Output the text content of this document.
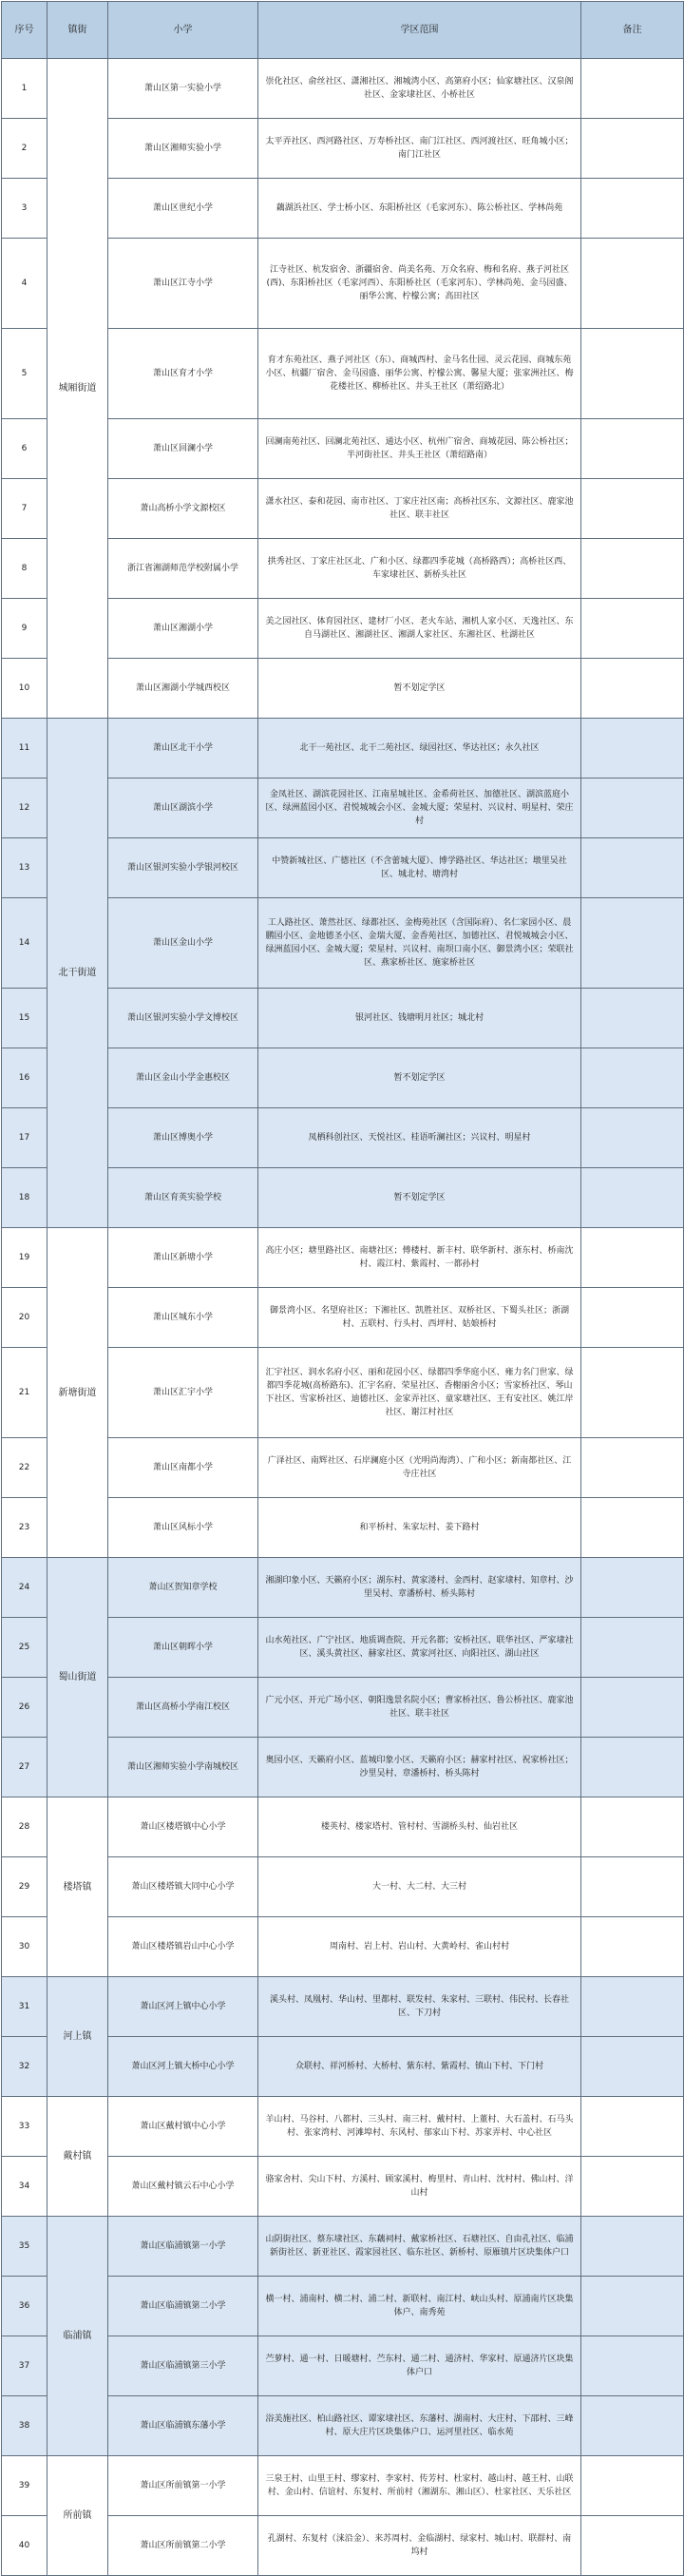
序号	镇街	小学	学区范围	备注
1	城厢街道	萧山区第一实验小学	崇化社区、俞丝社区、潇湘社区、湘城湾小区、高第府小区；仙家塘社区、汉泉阁社区、金家埭社区、小桥社区	
2		萧山区湘师实验小学	太平弄社区、西河路社区、万寿桥社区、南门江社区、西河渡社区、旺角城小区；南门江社区	
3		萧山区世纪小学	藕湖浜社区、学士桥小区、东阳桥社区（毛家河东）、陈公桥社区、学林尚苑	
4		萧山区江寺小学	江寺社区、杭发宿舍、浙疆宿舍、尚美名苑、万众名府、梅和名府、燕子河社区(西)、东阳桥社区（毛家河西）、东阳桥社区（毛家河东）、学林尚苑、金马园盛、丽华公寓、柠檬公寓；高田社区	
5		萧山区育才小学	育才东苑社区、燕子河社区（东）、商城西村、金马名仕园、灵云花园、商城东苑小区、杭疆厂宿舍、金马园盛、丽华公寓、柠檬公寓、馨星大厦；张家洲社区、梅花楼社区、柳桥社区、井头王社区（萧绍路北）	
6		萧山区回澜小学	回澜南苑社区、回澜北苑社区、通达小区、杭州广宿舍、商城花园、陈公桥社区；半河街社区、井头王社区（萧绍路南）	
7		萧山高桥小学文源校区	潇水社区、泰和花园、南市社区、丁家庄社区南；高桥社区东、文源社区、鹿家池社区、联丰社区	
8		浙江省湘湖师范学校附属小学	拱秀社区、丁家庄社区北、广和小区、绿都四季花城（高桥路西）；高桥社区西、车家埭社区、新桥头社区	
9		萧山区湘湖小学	美之园社区、体育园社区、建材厂小区、老火车站、湘机人家小区、天逸社区、东自马湖社区、湘湖社区、湘湖人家社区、东湘社区、杜湖社区	
10		萧山区湘湖小学城西校区	暂不划定学区	
11	北干街道	萧山区北干小学	北干一苑社区、北干二苑社区、绿园社区、华达社区；永久社区	
12		萧山区湖滨小学	金凤社区、湖滨花园社区、江南星城社区、金希荷社区、加德社区、湖滨蓝庭小区、绿洲蓝园小区、君悦城城会小区、金城大厦；荣星村、兴议村、明星村、荣庄村	
13		萧山区银河实验小学银河校区	中赞新城社区、广德社区（不含蕾城大厦）、博学路社区、华达社区；墩里吴社区、城北村、塘湾村	
14		萧山区金山小学	工人路社区、萧然社区、绿都社区、金梅苑社区（含国际府）、名仁家园小区、晨鹏园小区、金地德圣小区、金瑞大厦、金香苑社区、加德社区、君悦城城会小区、绿洲蓝园小区、金城大厦；荣星村、兴议村、南坝口南小区、御景湾小区；荣联社区、燕家桥社区、施家桥社区	
15		萧山区银河实验小学文博校区	银河社区、钱塘明月社区；城北村	
16		萧山区金山小学金惠校区	暂不划定学区	
17		萧山区博奥小学	凤栖科创社区、天悦社区、桂语听澜社区；兴议村、明星村	
18		萧山区育英实验学校	暂不划定学区	
19	新塘街道	萧山区新塘小学	高庄小区；塘里路社区、南塘社区；傅楼村、新丰村、联华新村、浙东村、桥南沈村、霞江村、紫霞村、一都孙村	
20		萧山区城东小学	御景湾小区、名望府社区；下湘社区、凯胜社区、双桥社区、下蜀头社区；浙湖村、五联村、行头村、西坪村、姑娘桥村	
21		萧山区汇宇小学	汇宇社区、润水名府小区、丽和花园小区、绿都四季华庭小区、雍力名门世家、绿都四季花城(高桥路东)、汇宇名府、荣星社区、香榭丽舍小区；雪家桥社区、琴山下社区、雪家桥社区、迪德社区、金家弄社区、童家塘社区、王有安社区、姚江岸社区、谢江村社区	
22		萧山区南都小学	广泽社区、南辉社区、石岸澜庭小区（光明尚海湾）、广和小区；新南都社区、江寺庄社区	
23		萧山区风标小学	和平桥村、朱家坛村、姜下路村	
24	蜀山街道	萧山区贺知章学校	湘湖印象小区、天籁府小区；湖东村、黄家溇村、金西村、赵家埭村、知章村、沙里吴村、章潘桥村、桥头陈村	
25		萧山区朝晖小学	山水苑社区、广宁社区、地质调查院、开元名都；安桥社区、联华社区、严家埭社区、溪头黄社区、赫家社区、黄家河社区、向阳社区、湖山社区	
26		萧山区高桥小学南江校区	广元小区、开元广场小区、朝阳逸景名院小区；曹家桥社区、鲁公桥社区、鹿家池社区、联丰社区	
27		萧山区湘师实验小学南城校区	奥园小区、天籁府小区、蓝城印象小区、天籁府小区；赫家村社区、祝家桥社区；沙里吴村、章潘桥村、桥头陈村	
28	楼塔镇	萧山区楼塔镇中心小学	楼英村、楼家塔村、管村村、雪湖桥头村、仙岩社区	
29		萧山区楼塔镇大同中心小学	大一村、大二村、大三村	
30		萧山区楼塔镇岩山中心小学	周南村、岩上村、岩山村、大黄岭村、雀山村村	
31	河上镇	萧山区河上镇中心小学	溪头村、凤凰村、华山村、里都村、联发村、朱家村、三联村、伟民村、长春社区、下刀村	
32		萧山区河上镇大桥中心小学	众联村、祥河桥村、大桥村、紫东村、紫霞村、镇山下村、下门村	
33	戴村镇	萧山区戴村镇中心小学	羊山村、马谷村、八都村、三头村、南三村、戴村村、上董村、大石盖村、石马头村、张家湾村、河滩埠村、东风村、郁家山下村、苏家弄村、中心社区	
34		萧山区戴村镇云石中心小学	骆家舍村、尖山下村、方溪村、顾家溪村、梅里村、青山村、沈村村、佛山村、洋山村	
35	临浦镇	萧山区临浦镇第一小学	山阴街社区、蔡东埭社区、东藕祠村、戴家桥社区、石塘社区、自由孔社区、临浦新街社区、新亚社区、霞家园社区、临东社区、新桥村、原雁镇片区块集体户口	
36		萧山区临浦镇第二小学	横一村、浦南村、横二村、浦二村、新联村、南江村、峡山头村、原浦南片区块集体户、南秀苑	
37		萧山区临浦镇第三小学	苎萝村、通一村、日暖塘村、苎东村、通二村、通济村、华家村、原通济片区块集体户口	
38		萧山区临浦镇东藩小学	浴美施社区、柏山路社区、谭家埭社区、东藩村、湖南村、大庄村、下邵村、三峰村、原大庄片区块集体户口、运河里社区、临水苑	
39	所前镇	萧山区所前镇第一小学	三泉王村、山里王村、缪家村、李家村、传芳村、杜家村、越山村、越王村、山联村、金山村、信谊村、东复村、所前村（湘湖东、湘山区）、杜家社区、天乐社区	
40		萧山区所前镇第二小学	孔湖村、东复村（涞沿金）、来苏周村、金临湖村、绿家村、城山村、联群村、南坞村	
